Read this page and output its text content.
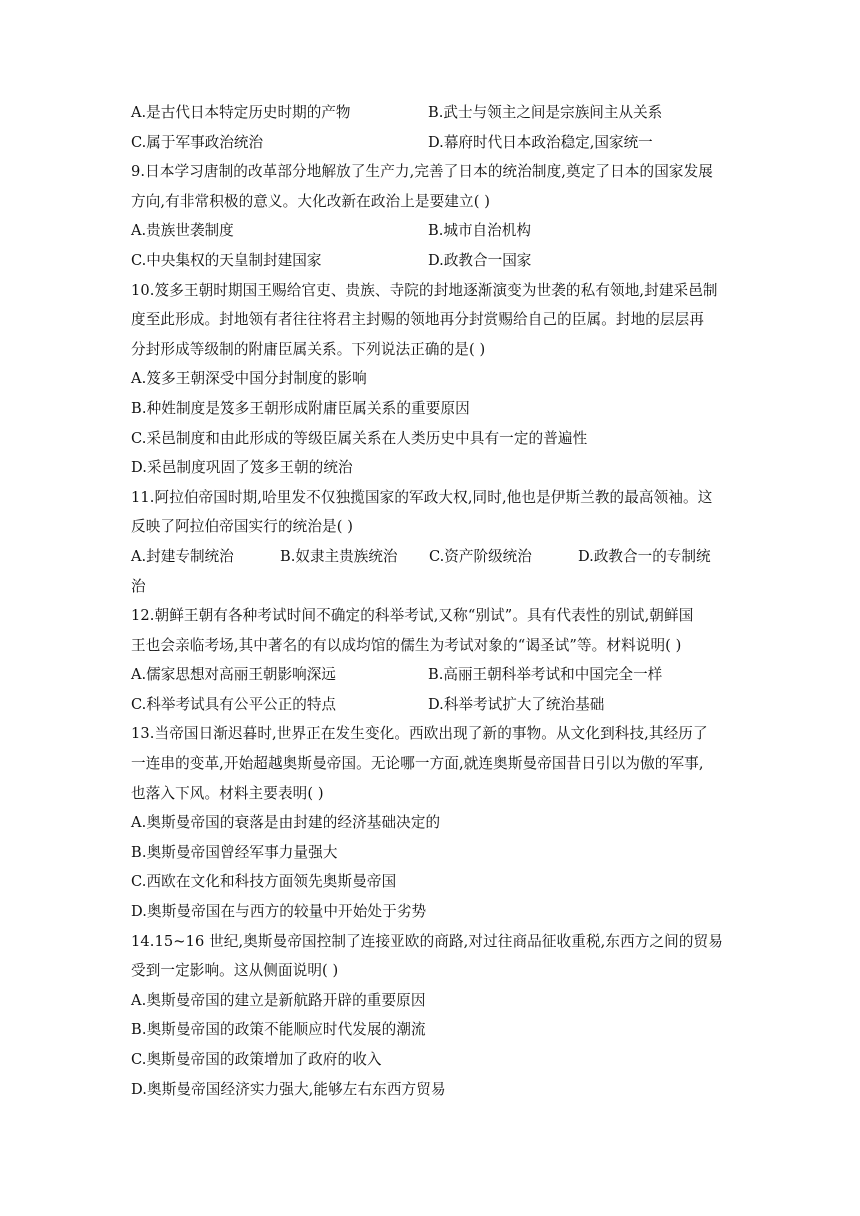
A.是古代日本特定历史时期的产物	B.武士与领主之间是宗族间主从关系
C.属于军事政治统治	D.幕府时代日本政治稳定,国家统一
9.日本学习唐制的改革部分地解放了生产力,完善了日本的统治制度,奠定了日本的国家发展
方向,有非常积极的意义。大化改新在政治上是要建立( )
A.贵族世袭制度	B.城市自治机构
C.中央集权的天皇制封建国家	D.政教合一国家
10.笈多王朝时期国王赐给官吏、贵族、寺院的封地逐渐演变为世袭的私有领地,封建采邑制
度至此形成。封地领有者往往将君主封赐的领地再分封赏赐给自己的臣属。封地的层层再
分封形成等级制的附庸臣属关系。下列说法正确的是( )
A.笈多王朝深受中国分封制度的影响
B.种姓制度是笈多王朝形成附庸臣属关系的重要原因
C.采邑制度和由此形成的等级臣属关系在人类历史中具有一定的普遍性
D.采邑制度巩固了笈多王朝的统治
11.阿拉伯帝国时期,哈里发不仅独揽国家的军政大权,同时,他也是伊斯兰教的最高领袖。这
反映了阿拉伯帝国实行的统治是( )
A.封建专制统治	B.奴隶主贵族统治	C.资产阶级统治	D.政教合一的专制统
治
12.朝鲜王朝有各种考试时间不确定的科举考试,又称“别试”。具有代表性的别试,朝鲜国
王也会亲临考场,其中著名的有以成均馆的儒生为考试对象的“谒圣试”等。材料说明( )
A.儒家思想对高丽王朝影响深远	B.高丽王朝科举考试和中国完全一样
C.科举考试具有公平公正的特点	D.科举考试扩大了统治基础
13.当帝国日渐迟暮时,世界正在发生变化。西欧出现了新的事物。从文化到科技,其经历了
一连串的变革,开始超越奥斯曼帝国。无论哪一方面,就连奥斯曼帝国昔日引以为傲的军事,
也落入下风。材料主要表明( )
A.奥斯曼帝国的衰落是由封建的经济基础决定的
B.奥斯曼帝国曾经军事力量强大
C.西欧在文化和科技方面领先奥斯曼帝国
D.奥斯曼帝国在与西方的较量中开始处于劣势
14.15~16 世纪,奥斯曼帝国控制了连接亚欧的商路,对过往商品征收重税,东西方之间的贸易
受到一定影响。这从侧面说明( )
A.奥斯曼帝国的建立是新航路开辟的重要原因
B.奥斯曼帝国的政策不能顺应时代发展的潮流
C.奥斯曼帝国的政策增加了政府的收入
D.奥斯曼帝国经济实力强大,能够左右东西方贸易
